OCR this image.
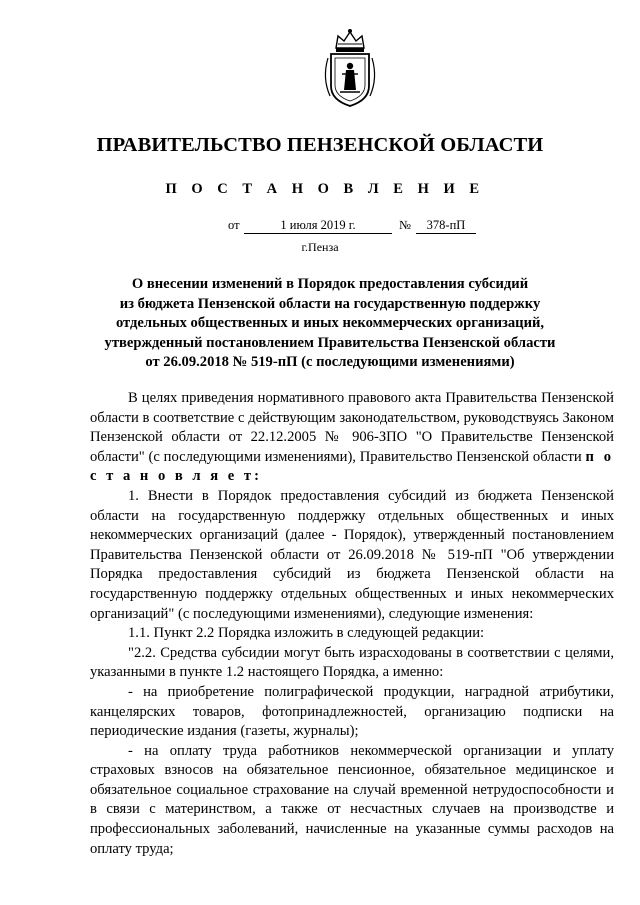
ПРАВИТЕЛЬСТВО ПЕНЗЕНСКОЙ ОБЛАСТИ
П О С Т А Н О В Л Е Н И Е
от	1 июля 2019 г.	№	378-пП
г.Пенза
О внесении изменений в Порядок предоставления субсидий
из бюджета Пензенской области на государственную поддержку
отдельных общественных и иных некоммерческих организаций,
утвержденный постановлением Правительства Пензенской области
от 26.09.2018 № 519-пП (с последующими изменениями)

В целях приведения нормативного правового акта Правительства Пензенской области в соответствие с действующим законодательством, руководствуясь Законом Пензенской области от 22.12.2005 № 906-ЗПО "О Правительстве Пензенской области" (с последующими изменениями), Правительство Пензенской области п о с т а н о в л я е т:

1. Внести в Порядок предоставления субсидий из бюджета Пензенской области на государственную поддержку отдельных общественных и иных некоммерческих организаций (далее - Порядок), утвержденный постановлением Правительства Пензенской области от 26.09.2018 № 519-пП "Об утверждении Порядка предоставления субсидий из бюджета Пензенской области на государственную поддержку отдельных общественных и иных некоммерческих организаций" (с последующими изменениями), следующие изменения:

1.1. Пункт 2.2 Порядка изложить в следующей редакции:

"2.2. Средства субсидии могут быть израсходованы в соответствии с целями, указанными в пункте 1.2 настоящего Порядка, а именно:

- на приобретение полиграфической продукции, наградной атрибутики, канцелярских товаров, фотопринадлежностей, организацию подписки на периодические издания (газеты, журналы);

- на оплату труда работников некоммерческой организации и уплату страховых взносов на обязательное пенсионное, обязательное медицинское и обязательное социальное страхование на случай временной нетрудоспособности и в связи с материнством, а также от несчастных случаев на производстве и профессиональных заболеваний, начисленные на указанные суммы расходов на оплату труда;
